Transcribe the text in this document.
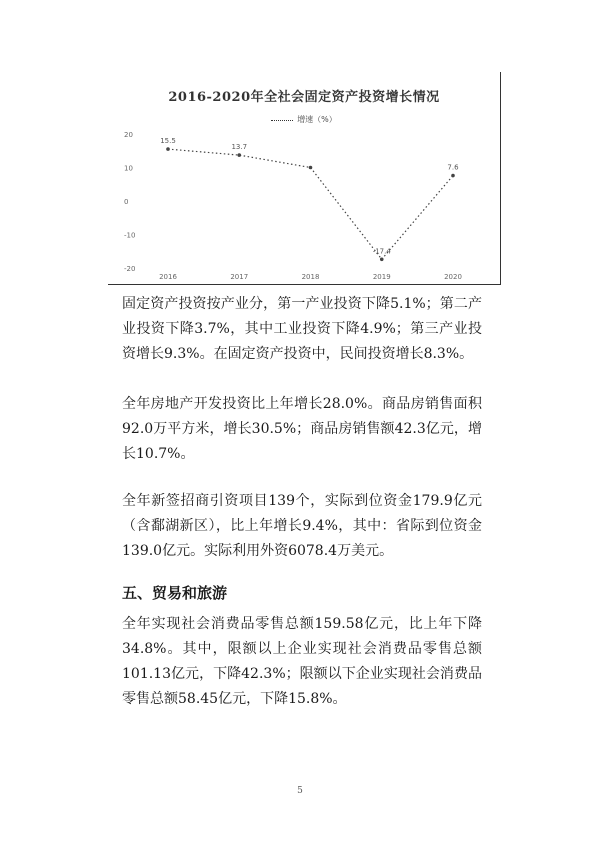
2016-2020年全社会固定资产投资增长情况
增速（%）
20
10
0
-10
-20
15.5
13.7
-17.4
7.6
2016	2017	2018	2019	2020

固定资产投资按产业分，第一产业投资下降5.1%；第二产业投资下降3.7%，其中工业投资下降4.9%；第三产业投资增长9.3%。在固定资产投资中，民间投资增长8.3%。

全年房地产开发投资比上年增长28.0%。商品房销售面积92.0万平方米，增长30.5%；商品房销售额42.3亿元，增长10.7%。

全年新签招商引资项目139个，实际到位资金179.9亿元（含鄱湖新区），比上年增长9.4%，其中：省际到位资金139.0亿元。实际利用外资6078.4万美元。

五、贸易和旅游

全年实现社会消费品零售总额159.58亿元，比上年下降34.8%。其中，限额以上企业实现社会消费品零售总额101.13亿元，下降42.3%；限额以下企业实现社会消费品零售总额58.45亿元，下降15.8%。

5
